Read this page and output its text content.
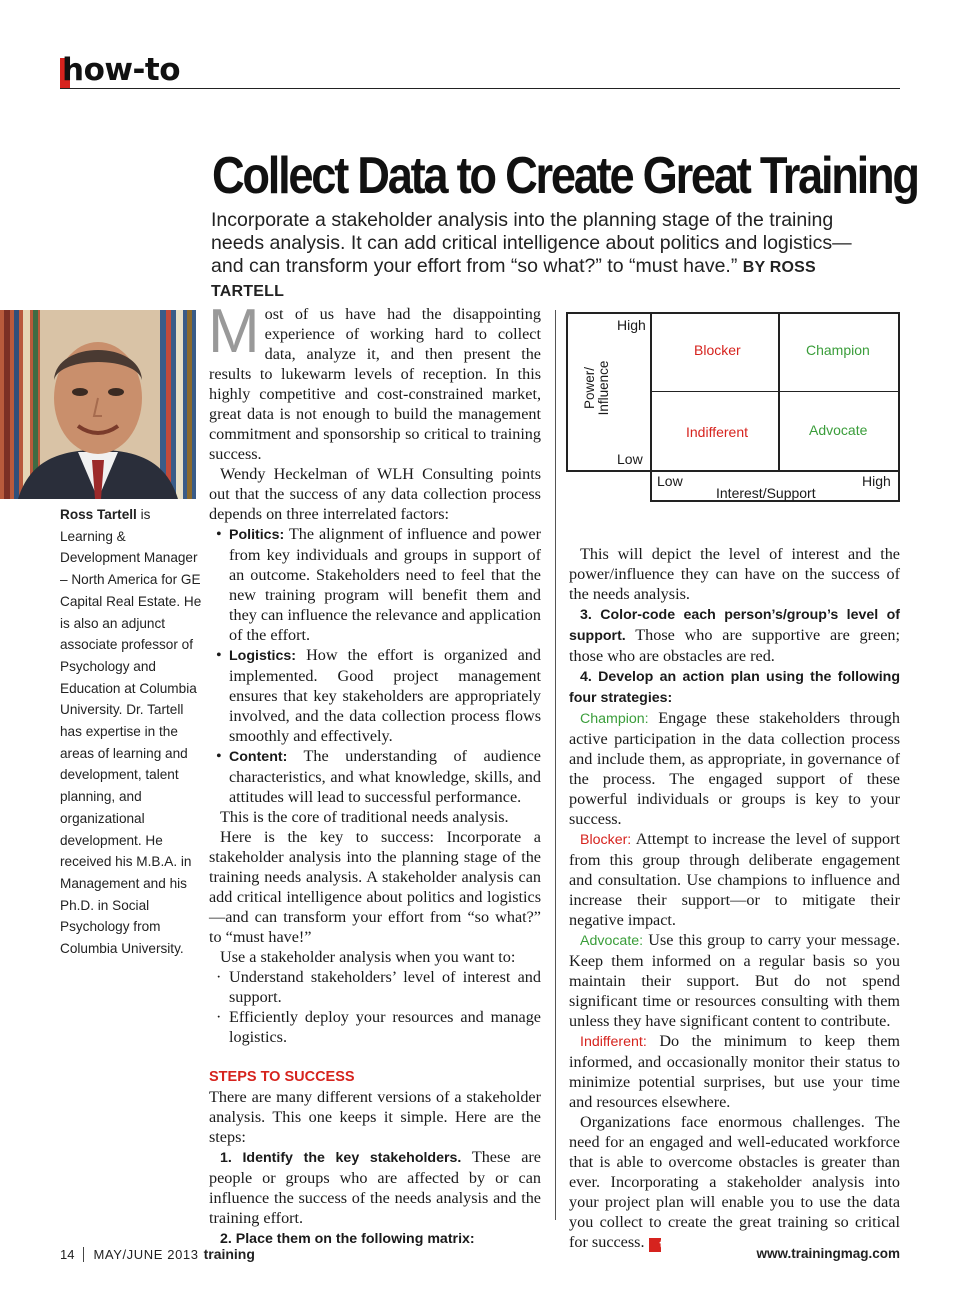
how-to
Collect Data to Create Great Training
Incorporate a stakeholder analysis into the planning stage of the training needs analysis. It can add critical intelligence about politics and logistics—and can transform your effort from “so what?” to “must have.” BY ROSS TARTELL
Ross Tartell is Learning & Development Manager – North America for GE Capital Real Estate. He is also an adjunct associate professor of Psychology and Education at Columbia University. Dr. Tartell has expertise in the areas of learning and development, talent planning, and organizational development. He received his M.B.A. in Management and his Ph.D. in Social Psychology from Columbia University.

Most of us have had the disappointing experience of working hard to collect data, analyze it, and then present the results to lukewarm levels of reception. In this highly competitive and cost-constrained market, great data is not enough to build the management commitment and sponsorship so critical to training success.

Wendy Heckelman of WLH Consulting points out that the success of any data collection process depends on three interrelated factors:

• Politics: The alignment of influence and power from key individuals and groups in support of an outcome. Stakeholders need to feel that the new training program will benefit them and they can influence the relevance and application of the effort.
• Logistics: How the effort is organized and implemented. Good project management ensures that key stakeholders are appropriately involved, and the data collection process flows smoothly and effectively.
• Content: The understanding of audience characteristics, and what knowledge, skills, and attitudes will lead to successful performance.

This is the core of traditional needs analysis.

Here is the key to success: Incorporate a stakeholder analysis into the planning stage of the training needs analysis. A stakeholder analysis can add critical intelligence about politics and logistics—and can transform your effort from “so what?” to “must have!”

Use a stakeholder analysis when you want to:

· Understand stakeholders’ level of interest and support.
· Efficiently deploy your resources and manage logistics.

STEPS TO SUCCESS

There are many different versions of a stakeholder analysis. This one keeps it simple. Here are the steps:

1. Identify the key stakeholders. These are people or groups who are affected by or can influence the success of the needs analysis and the training effort.

2. Place them on the following matrix:

High
Low
Power/ Influence
Blocker	Champion
Indifferent	Advocate
Low
Interest/Support
High

This will depict the level of interest and the power/influence they can have on the success of the needs analysis.

3. Color-code each person’s/group’s level of support. Those who are supportive are green; those who are obstacles are red.

4. Develop an action plan using the following four strategies:

Champion: Engage these stakeholders through active participation in the data collection process and include them, as appropriate, in governance of the process. The engaged support of these powerful individuals or groups is key to your success.

Blocker: Attempt to increase the level of support from this group through deliberate engagement and consultation. Use champions to influence and increase their support—or to mitigate their negative impact.

Advocate: Use this group to carry your message. Keep them informed on a regular basis so you maintain their support. But do not spend significant time or resources consulting with them unless they have significant content to contribute.

Indifferent: Do the minimum to keep them informed, and occasionally monitor their status to minimize potential surprises, but use your time and resources elsewhere.

Organizations face enormous challenges. The need for an engaged and well-educated workforce that is able to overcome obstacles is greater than ever. Incorporating a stakeholder analysis into your project plan will enable you to use the data you collect to create the great training so critical for success. t

14 MAY/JUNE 2013 training	www.trainingmag.com
